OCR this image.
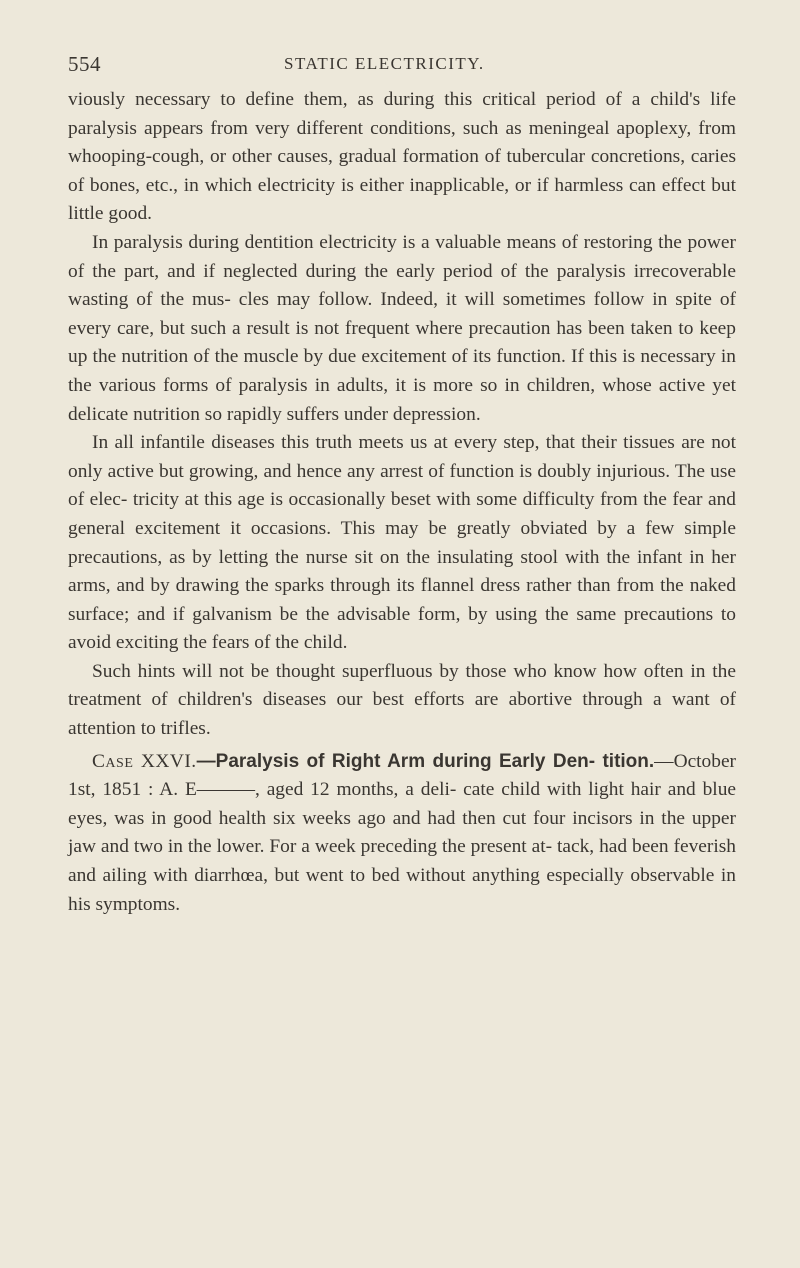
554	STATIC ELECTRICITY.

viously necessary to define them, as during this critical period of a child's life paralysis appears from very different conditions, such as meningeal apoplexy, from whooping-cough, or other causes, gradual formation of tubercular concretions, caries of bones, etc., in which electricity is either inapplicable, or if harmless can effect but little good.

In paralysis during dentition electricity is a valuable means of restoring the power of the part, and if neglected during the early period of the paralysis irrecoverable wasting of the mus- cles may follow. Indeed, it will sometimes follow in spite of every care, but such a result is not frequent where precaution has been taken to keep up the nutrition of the muscle by due excitement of its function. If this is necessary in the various forms of paralysis in adults, it is more so in children, whose active yet delicate nutrition so rapidly suffers under depression.

In all infantile diseases this truth meets us at every step, that their tissues are not only active but growing, and hence any arrest of function is doubly injurious. The use of elec- tricity at this age is occasionally beset with some difficulty from the fear and general excitement it occasions. This may be greatly obviated by a few simple precautions, as by letting the nurse sit on the insulating stool with the infant in her arms, and by drawing the sparks through its flannel dress rather than from the naked surface; and if galvanism be the advisable form, by using the same precautions to avoid exciting the fears of the child.

Such hints will not be thought superfluous by those who know how often in the treatment of children's diseases our best efforts are abortive through a want of attention to trifles.

Case XXVI.—Paralysis of Right Arm during Early Den- tition.—October 1st, 1851 : A. E———, aged 12 months, a deli- cate child with light hair and blue eyes, was in good health six weeks ago and had then cut four incisors in the upper jaw and two in the lower. For a week preceding the present at- tack, had been feverish and ailing with diarrhœa, but went to bed without anything especially observable in his symptoms.
